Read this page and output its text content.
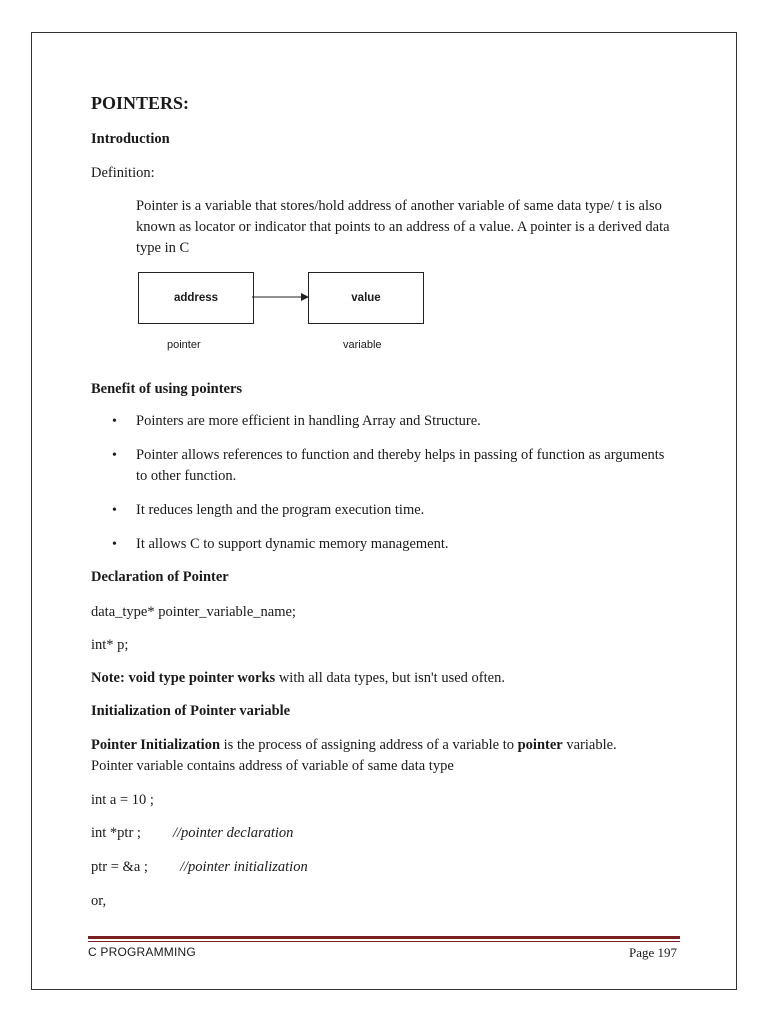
POINTERS:
Introduction
Definition:
Pointer is a variable that stores/hold address of another variable of same data type/ t is also known as locator or indicator that points to an address of a value. A pointer is a derived data type in C
address	value
pointer	variable
Benefit of using pointers
• Pointers are more efficient in handling Array and Structure.
• Pointer allows references to function and thereby helps in passing of function as arguments to other function.
• It reduces length and the program execution time.
• It allows C to support dynamic memory management.
Declaration of Pointer
data_type* pointer_variable_name;
int* p;
Note: void type pointer works with all data types, but isn't used often.
Initialization of Pointer variable
Pointer Initialization is the process of assigning address of a variable to pointer variable.
Pointer variable contains address of variable of same data type
int a = 10 ;
int *ptr ; //pointer declaration
ptr = &a ; //pointer initialization
or,
C PROGRAMMING	Page 197
